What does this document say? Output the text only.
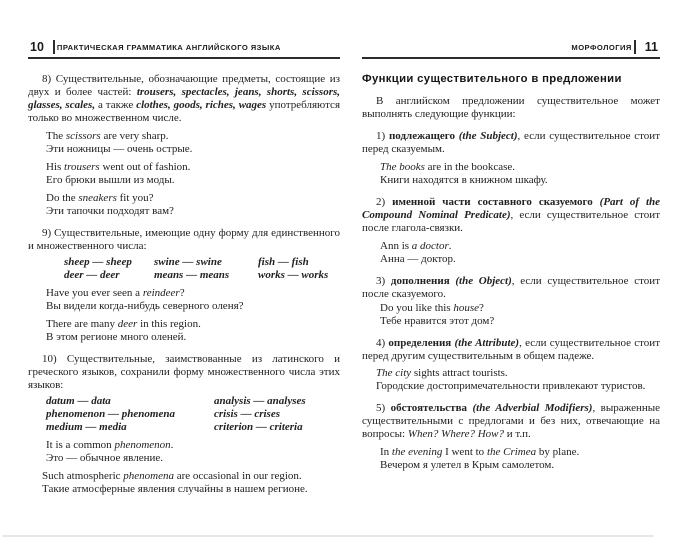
10	ПРАКТИЧЕСКАЯ ГРАММАТИКА АНГЛИЙСКОГО ЯЗЫКА

8) Существительные, обозначающие предметы, состоящие из двух и более частей: trousers, spectacles, jeans, shorts, scissors, glasses, scales, а также clothes, goods, riches, wages употребляются только во множественном числе.

The scissors are very sharp.
Эти ножницы — очень острые.
His trousers went out of fashion.
Его брюки вышли из моды.
Do the sneakers fit you?
Эти тапочки подходят вам?

9) Существительные, имеющие одну форму для единственного и множественного числа:

sheep — sheep	swine — swine	fish — fish
deer — deer	means — means	works — works
Have you ever seen a reindeer?
Вы видели когда-нибудь северного оленя?
There are many deer in this region.
В этом регионе много оленей.

10) Существительные, заимствованные из латинского и греческого языков, сохранили форму множественного числа этих языков:

datum — data	analysis — analyses
phenomenon — phenomena	crisis — crises
medium — media	criterion — criteria
It is a common phenomenon.
Это — обычное явление.

Such atmospheric phenomena are occasional in our region.

Такие атмосферные явления случайны в нашем регионе.

МОРФОЛОГИЯ	11
Функции существительного в предложении

В английском предложении существительное может выполнять следующие функции:

1) подлежащего (the Subject), если существительное стоит перед сказуемым.

The books are in the bookcase.
Книги находятся в книжном шкафу.

2) именной части составного сказуемого (Part of the Compound Nominal Predicate), если существительное стоит после глагола-связки.

Ann is a doctor.
Анна — доктор.

3) дополнения (the Object), если существительное стоит после сказуемого.

Do you like this house?
Тебе нравится этот дом?

4) определения (the Attribute), если существительное стоит перед другим существительным в общем падеже.

The city sights attract tourists.

Городские достопримечательности привлекают туристов.

5) обстоятельства (the Adverbial Modifiers), выраженные существительными с предлогами и без них, отвечающие на вопросы: When? Where? How? и т.п.

In the evening I went to the Crimea by plane.
Вечером я улетел в Крым самолетом.
